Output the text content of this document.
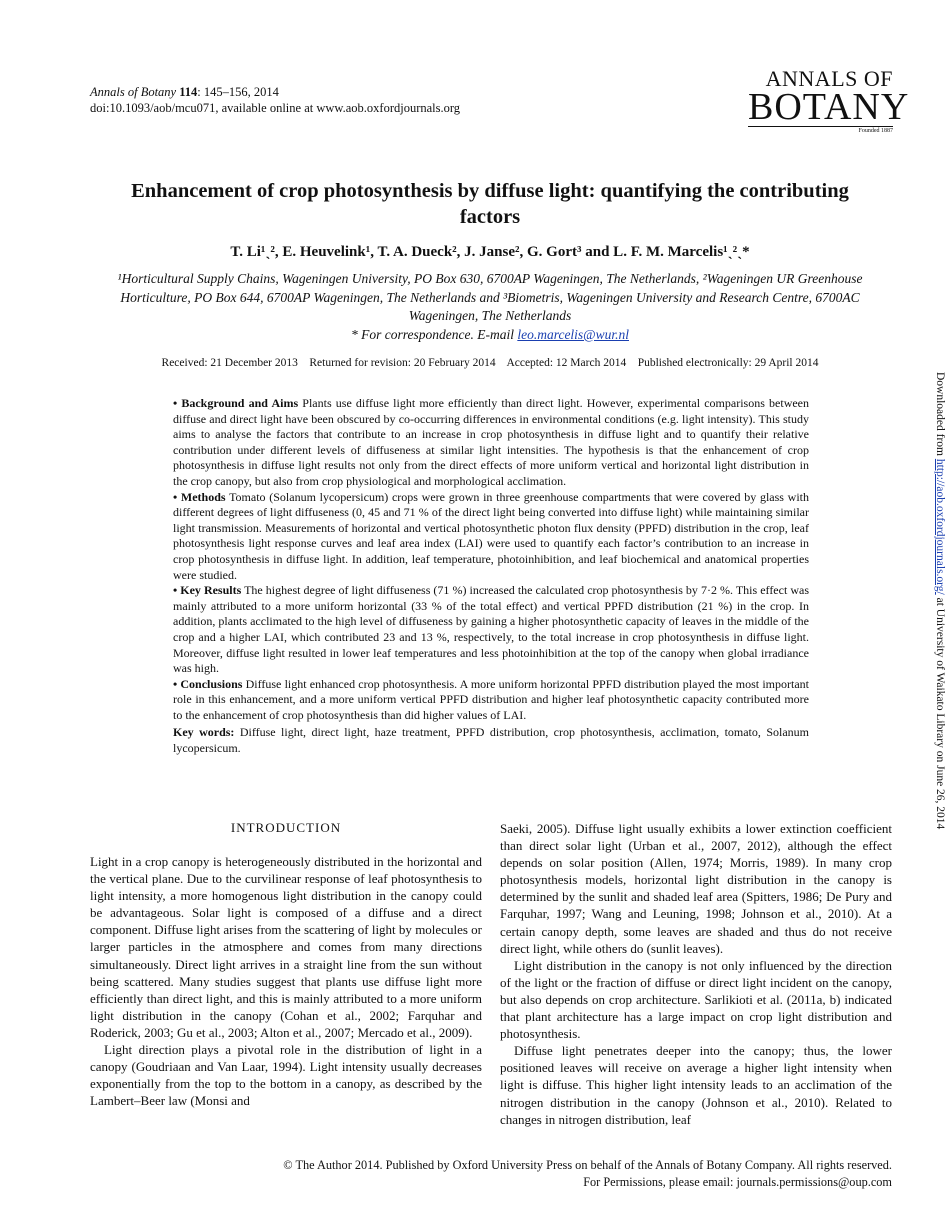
Annals of Botany 114: 145–156, 2014
doi:10.1093/aob/mcu071, available online at www.aob.oxfordjournals.org
ANNALS OF
BOTANY
Founded 1887
Enhancement of crop photosynthesis by diffuse light: quantifying the contributing factors
T. Li¹ˎ², E. Heuvelink¹, T. A. Dueck², J. Janse², G. Gort³ and L. F. M. Marcelis¹ˎ²ˎ*
¹Horticultural Supply Chains, Wageningen University, PO Box 630, 6700AP Wageningen, The Netherlands, ²Wageningen UR Greenhouse Horticulture, PO Box 644, 6700AP Wageningen, The Netherlands and ³Biometris, Wageningen University and Research Centre, 6700AC Wageningen, The Netherlands
* For correspondence. E-mail leo.marcelis@wur.nl
Received: 21 December 2013    Returned for revision: 20 February 2014    Accepted: 12 March 2014    Published electronically: 29 April 2014

• Background and Aims Plants use diffuse light more efficiently than direct light. However, experimental comparisons between diffuse and direct light have been obscured by co-occurring differences in environmental conditions (e.g. light intensity). This study aims to analyse the factors that contribute to an increase in crop photosynthesis in diffuse light and to quantify their relative contribution under different levels of diffuseness at similar light intensities. The hypothesis is that the enhancement of crop photosynthesis in diffuse light results not only from the direct effects of more uniform vertical and horizontal light distribution in the crop canopy, but also from crop physiological and morphological acclimation.

• Methods Tomato (Solanum lycopersicum) crops were grown in three greenhouse compartments that were covered by glass with different degrees of light diffuseness (0, 45 and 71 % of the direct light being converted into diffuse light) while maintaining similar light transmission. Measurements of horizontal and vertical photosynthetic photon flux density (PPFD) distribution in the crop, leaf photosynthesis light response curves and leaf area index (LAI) were used to quantify each factor’s contribution to an increase in crop photosynthesis in diffuse light. In addition, leaf temperature, photoinhibition, and leaf biochemical and anatomical properties were studied.

• Key Results The highest degree of light diffuseness (71 %) increased the calculated crop photosynthesis by 7·2 %. This effect was mainly attributed to a more uniform horizontal (33 % of the total effect) and vertical PPFD distribution (21 %) in the crop. In addition, plants acclimated to the high level of diffuseness by gaining a higher photosynthetic capacity of leaves in the middle of the crop and a higher LAI, which contributed 23 and 13 %, respectively, to the total increase in crop photosynthesis in diffuse light. Moreover, diffuse light resulted in lower leaf temperatures and less photoinhibition at the top of the canopy when global irradiance was high.

• Conclusions Diffuse light enhanced crop photosynthesis. A more uniform horizontal PPFD distribution played the most important role in this enhancement, and a more uniform vertical PPFD distribution and higher leaf photosynthetic capacity contributed more to the enhancement of crop photosynthesis than did higher values of LAI.

Key words: Diffuse light, direct light, haze treatment, PPFD distribution, crop photosynthesis, acclimation, tomato, Solanum lycopersicum.
INTRODUCTION

Light in a crop canopy is heterogeneously distributed in the horizontal and the vertical plane. Due to the curvilinear response of leaf photosynthesis to light intensity, a more homogenous light distribution in the canopy could be advantageous. Solar light is composed of a diffuse and a direct component. Diffuse light arises from the scattering of light by molecules or larger particles in the atmosphere and comes from many directions simultaneously. Direct light arrives in a straight line from the sun without being scattered. Many studies suggest that plants use diffuse light more efficiently than direct light, and this is mainly attributed to a more uniform light distribution in the canopy (Cohan et al., 2002; Farquhar and Roderick, 2003; Gu et al., 2003; Alton et al., 2007; Mercado et al., 2009).

Light direction plays a pivotal role in the distribution of light in a canopy (Goudriaan and Van Laar, 1994). Light intensity usually decreases exponentially from the top to the bottom in a canopy, as described by the Lambert–Beer law (Monsi and

Saeki, 2005). Diffuse light usually exhibits a lower extinction coefficient than direct solar light (Urban et al., 2007, 2012), although the effect depends on solar position (Allen, 1974; Morris, 1989). In many crop photosynthesis models, horizontal light distribution in the canopy is determined by the sunlit and shaded leaf area (Spitters, 1986; De Pury and Farquhar, 1997; Wang and Leuning, 1998; Johnson et al., 2010). At a certain canopy depth, some leaves are shaded and thus do not receive direct light, while others do (sunlit leaves).

Light distribution in the canopy is not only influenced by the direction of the light or the fraction of diffuse or direct light incident on the canopy, but also depends on crop architecture. Sarlikioti et al. (2011a, b) indicated that plant architecture has a large impact on crop light distribution and photosynthesis.

Diffuse light penetrates deeper into the canopy; thus, the lower positioned leaves will receive on average a higher light intensity when light is diffuse. This higher light intensity leads to an acclimation of the nitrogen distribution in the canopy (Johnson et al., 2010). Related to changes in nitrogen distribution, leaf

© The Author 2014. Published by Oxford University Press on behalf of the Annals of Botany Company. All rights reserved.
For Permissions, please email: journals.permissions@oup.com
Downloaded from http://aob.oxfordjournals.org/ at University of Waikato Library on June 26, 2014
